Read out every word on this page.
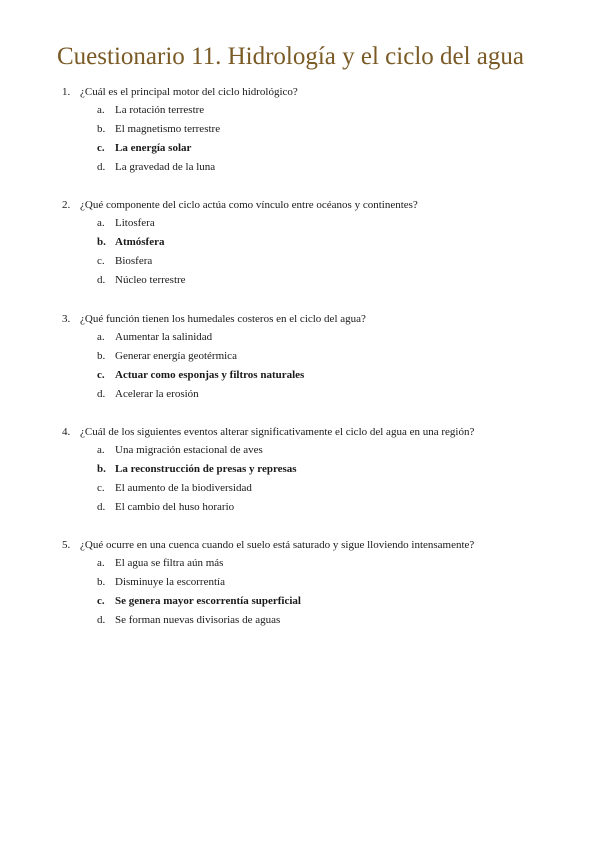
Cuestionario 11. Hidrología y el ciclo del agua
1. ¿Cuál es el principal motor del ciclo hidrológico?
a. La rotación terrestre
b. El magnetismo terrestre
c. La energía solar
d. La gravedad de la luna
2. ¿Qué componente del ciclo actúa como vínculo entre océanos y continentes?
a. Litosfera
b. Atmósfera
c. Biosfera
d. Núcleo terrestre
3. ¿Qué función tienen los humedales costeros en el ciclo del agua?
a. Aumentar la salinidad
b. Generar energía geotérmica
c. Actuar como esponjas y filtros naturales
d. Acelerar la erosión
4. ¿Cuál de los siguientes eventos alterar significativamente el ciclo del agua en una región?
a. Una migración estacional de aves
b. La reconstrucción de presas y represas
c. El aumento de la biodiversidad
d. El cambio del huso horario
5. ¿Qué ocurre en una cuenca cuando el suelo está saturado y sigue lloviendo intensamente?
a. El agua se filtra aún más
b. Disminuye la escorrentía
c. Se genera mayor escorrentía superficial
d. Se forman nuevas divisorias de aguas
